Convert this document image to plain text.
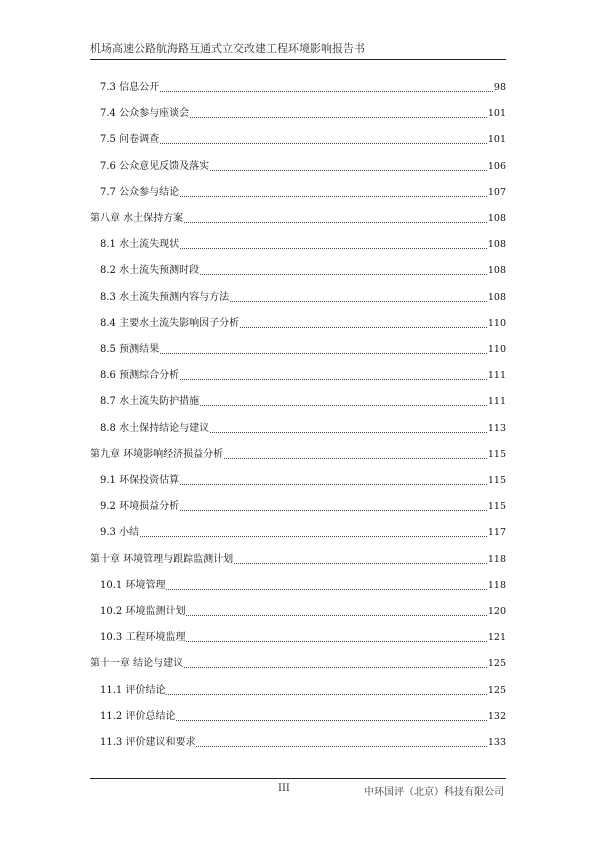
机场高速公路航海路互通式立交改建工程环境影响报告书
7.3 信息公开	98
7.4 公众参与座谈会	101
7.5 问卷调查	101
7.6 公众意见反馈及落实	106
7.7 公众参与结论	107
第八章 水土保持方案	108
8.1 水土流失现状	108
8.2 水土流失预测时段	108
8.3 水土流失预测内容与方法	108
8.4 主要水土流失影响因子分析	110
8.5 预测结果	110
8.6 预测综合分析	111
8.7 水土流失防护措施	111
8.8 水土保持结论与建议	113
第九章 环境影响经济损益分析	115
9.1 环保投资估算	115
9.2 环境损益分析	115
9.3 小结	117
第十章 环境管理与跟踪监测计划	118
10.1 环境管理	118
10.2 环境监测计划	120
10.3 工程环境监理	121
第十一章 结论与建议	125
11.1 评价结论	125
11.2 评价总结论	132
11.3 评价建议和要求	133
III	中环国评（北京）科技有限公司
